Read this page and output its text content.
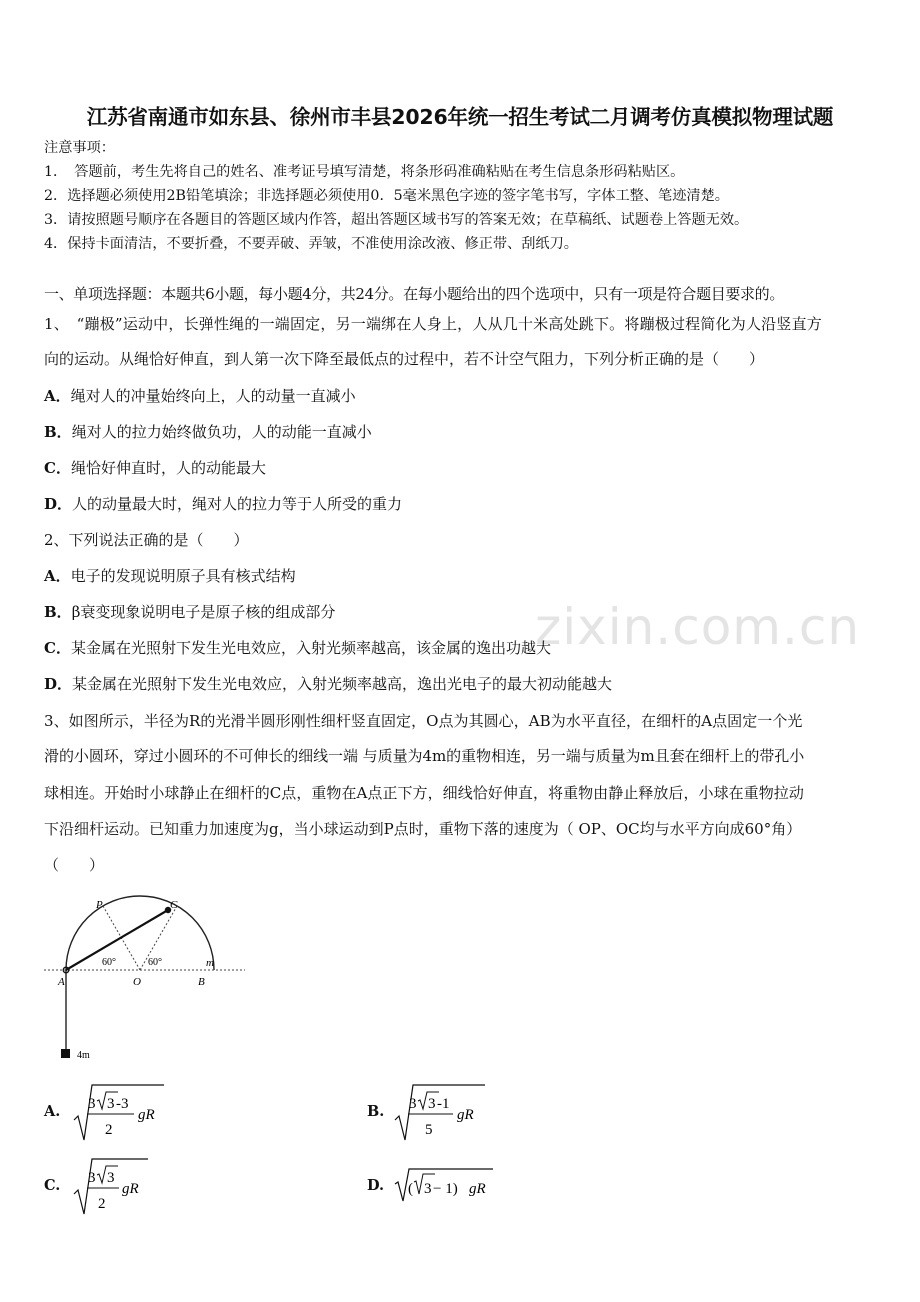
zixin.com.cn
江苏省南通市如东县、徐州市丰县2026年统一招生考试二月调考仿真模拟物理试题
注意事项：
1．　答题前，考生先将自己的姓名、准考证号填写清楚，将条形码准确粘贴在考生信息条形码粘贴区。
2．选择题必须使用2B铅笔填涂；非选择题必须使用0．5毫米黑色字迹的签字笔书写，字体工整、笔迹清楚。
3．请按照题号顺序在各题目的答题区域内作答，超出答题区域书写的答案无效；在草稿纸、试题卷上答题无效。
4．保持卡面清洁，不要折叠，不要弄破、弄皱，不准使用涂改液、修正带、刮纸刀。
一、单项选择题：本题共6小题，每小题4分，共24分。在每小题给出的四个选项中，只有一项是符合题目要求的。
1、　“蹦极”运动中，长弹性绳的一端固定，另一端绑在人身上，人从几十米高处跳下。将蹦极过程简化为人沿竖直方
向的运动。从绳恰好伸直，到人第一次下降至最低点的过程中，若不计空气阻力，下列分析正确的是（　　）
A．绳对人的冲量始终向上，人的动量一直减小
B．绳对人的拉力始终做负功，人的动能一直减小
C．绳恰好伸直时，人的动能最大
D．人的动量最大时，绳对人的拉力等于人所受的重力
2、下列说法正确的是（　　）
A．电子的发现说明原子具有核式结构
B．β衰变现象说明电子是原子核的组成部分
C．某金属在光照射下发生光电效应，入射光频率越高，该金属的逸出功越大
D．某金属在光照射下发生光电效应，入射光频率越高，逸出光电子的最大初动能越大
3、如图所示，半径为R的光滑半圆形刚性细杆竖直固定，O点为其圆心，AB为水平直径，在细杆的A点固定一个光
滑的小圆环，穿过小圆环的不可伸长的细线一端 与质量为4m的重物相连，另一端与质量为m且套在细杆上的带孔小
球相连。开始时小球静止在细杆的C点，重物在A点正下方，细线恰好伸直，将重物由静止释放后，小球在重物拉动
下沿细杆运动。已知重力加速度为g，当小球运动到P点时，重物下落的速度为（ OP、OC均与水平方向成60°角）
（　　）
P	C
A	O	B
m
60°	60°
4m
A. 3 3 -3
2
gR	B. 3 3 -1
5
gR
C. 3 3
2
gR	D. ( 3 − 1) gR
